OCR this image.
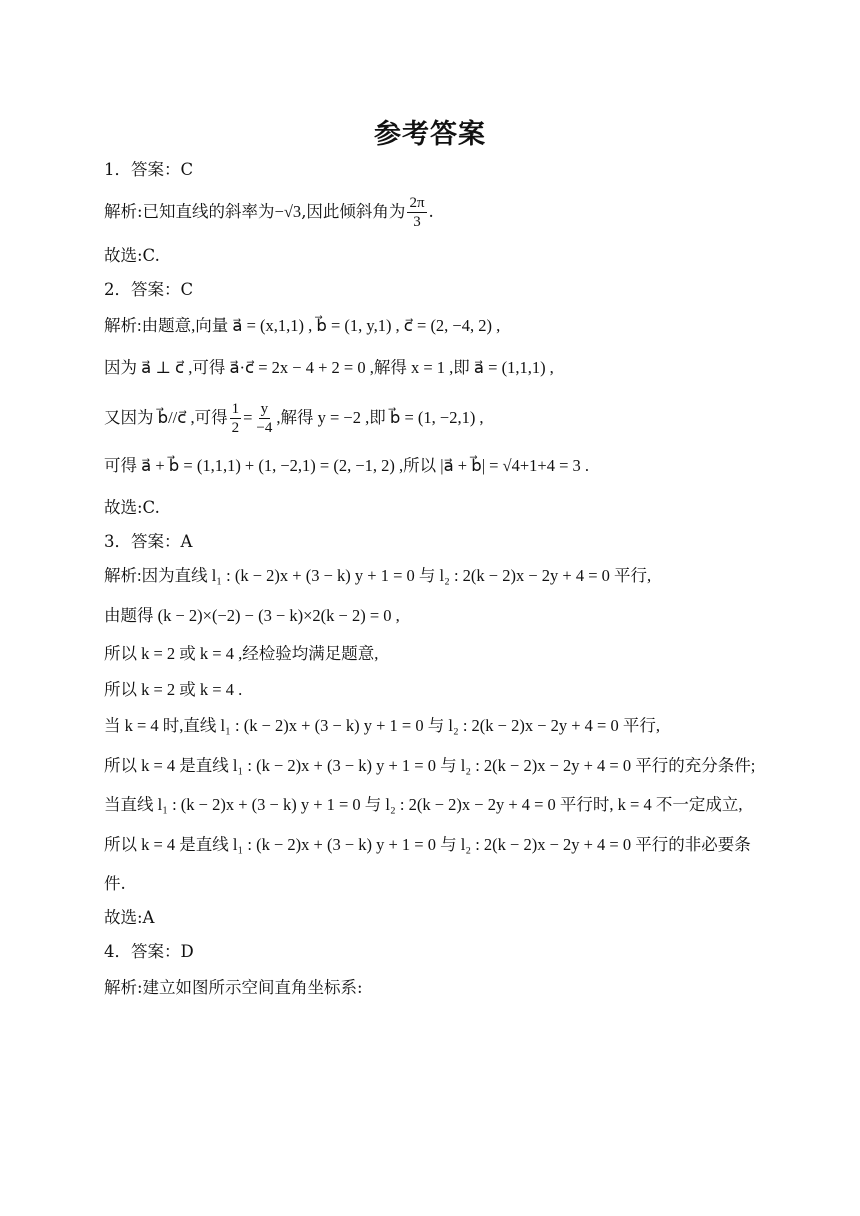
参考答案
1．答案：C
解析:已知直线的斜率为−√3,因此倾斜角为 $\frac{2\pi}{3}$ .
故选:C.
2．答案：C
解析:由题意,向量 a⃗ = (x,1,1) , b⃗ = (1, y,1) , c⃗ = (2, −4, 2) ,
因为 a⃗ ⊥ c⃗ ,可得 a⃗·c⃗ = 2x − 4 + 2 = 0 ,解得 x = 1 ,即 a⃗ = (1,1,1) ,
又因为 b⃗//c⃗ ,可得 $\frac{1}{2} = \frac{y}{-4}$ ,解得 y = −2 ,即 b⃗ = (1, −2,1) ,
可得 a⃗ + b⃗ = (1,1,1) + (1, −2,1) = (2, −1, 2) ,所以 |a⃗ + b⃗| = √4+1+4 = 3 .
故选:C.
3．答案：A
解析:因为直线 l₁ : (k − 2)x + (3 − k) y + 1 = 0 与 l₂ : 2(k − 2)x − 2y + 4 = 0 平行,
由题得 (k − 2)×(−2) − (3 − k)×2(k − 2) = 0 ,
所以 k = 2 或 k = 4 ,经检验均满足题意,
所以 k = 2 或 k = 4 .
当 k = 4 时,直线 l₁ : (k − 2)x + (3 − k) y + 1 = 0 与 l₂ : 2(k − 2)x − 2y + 4 = 0 平行,
所以 k = 4 是直线 l₁ : (k − 2)x + (3 − k) y + 1 = 0 与 l₂ : 2(k − 2)x − 2y + 4 = 0 平行的充分条件;
当直线 l₁ : (k − 2)x + (3 − k) y + 1 = 0 与 l₂ : 2(k − 2)x − 2y + 4 = 0 平行时, k = 4 不一定成立,
所以 k = 4 是直线 l₁ : (k − 2)x + (3 − k) y + 1 = 0 与 l₂ : 2(k − 2)x − 2y + 4 = 0 平行的非必要条
件.
故选:A
4．答案：D
解析:建立如图所示空间直角坐标系:
